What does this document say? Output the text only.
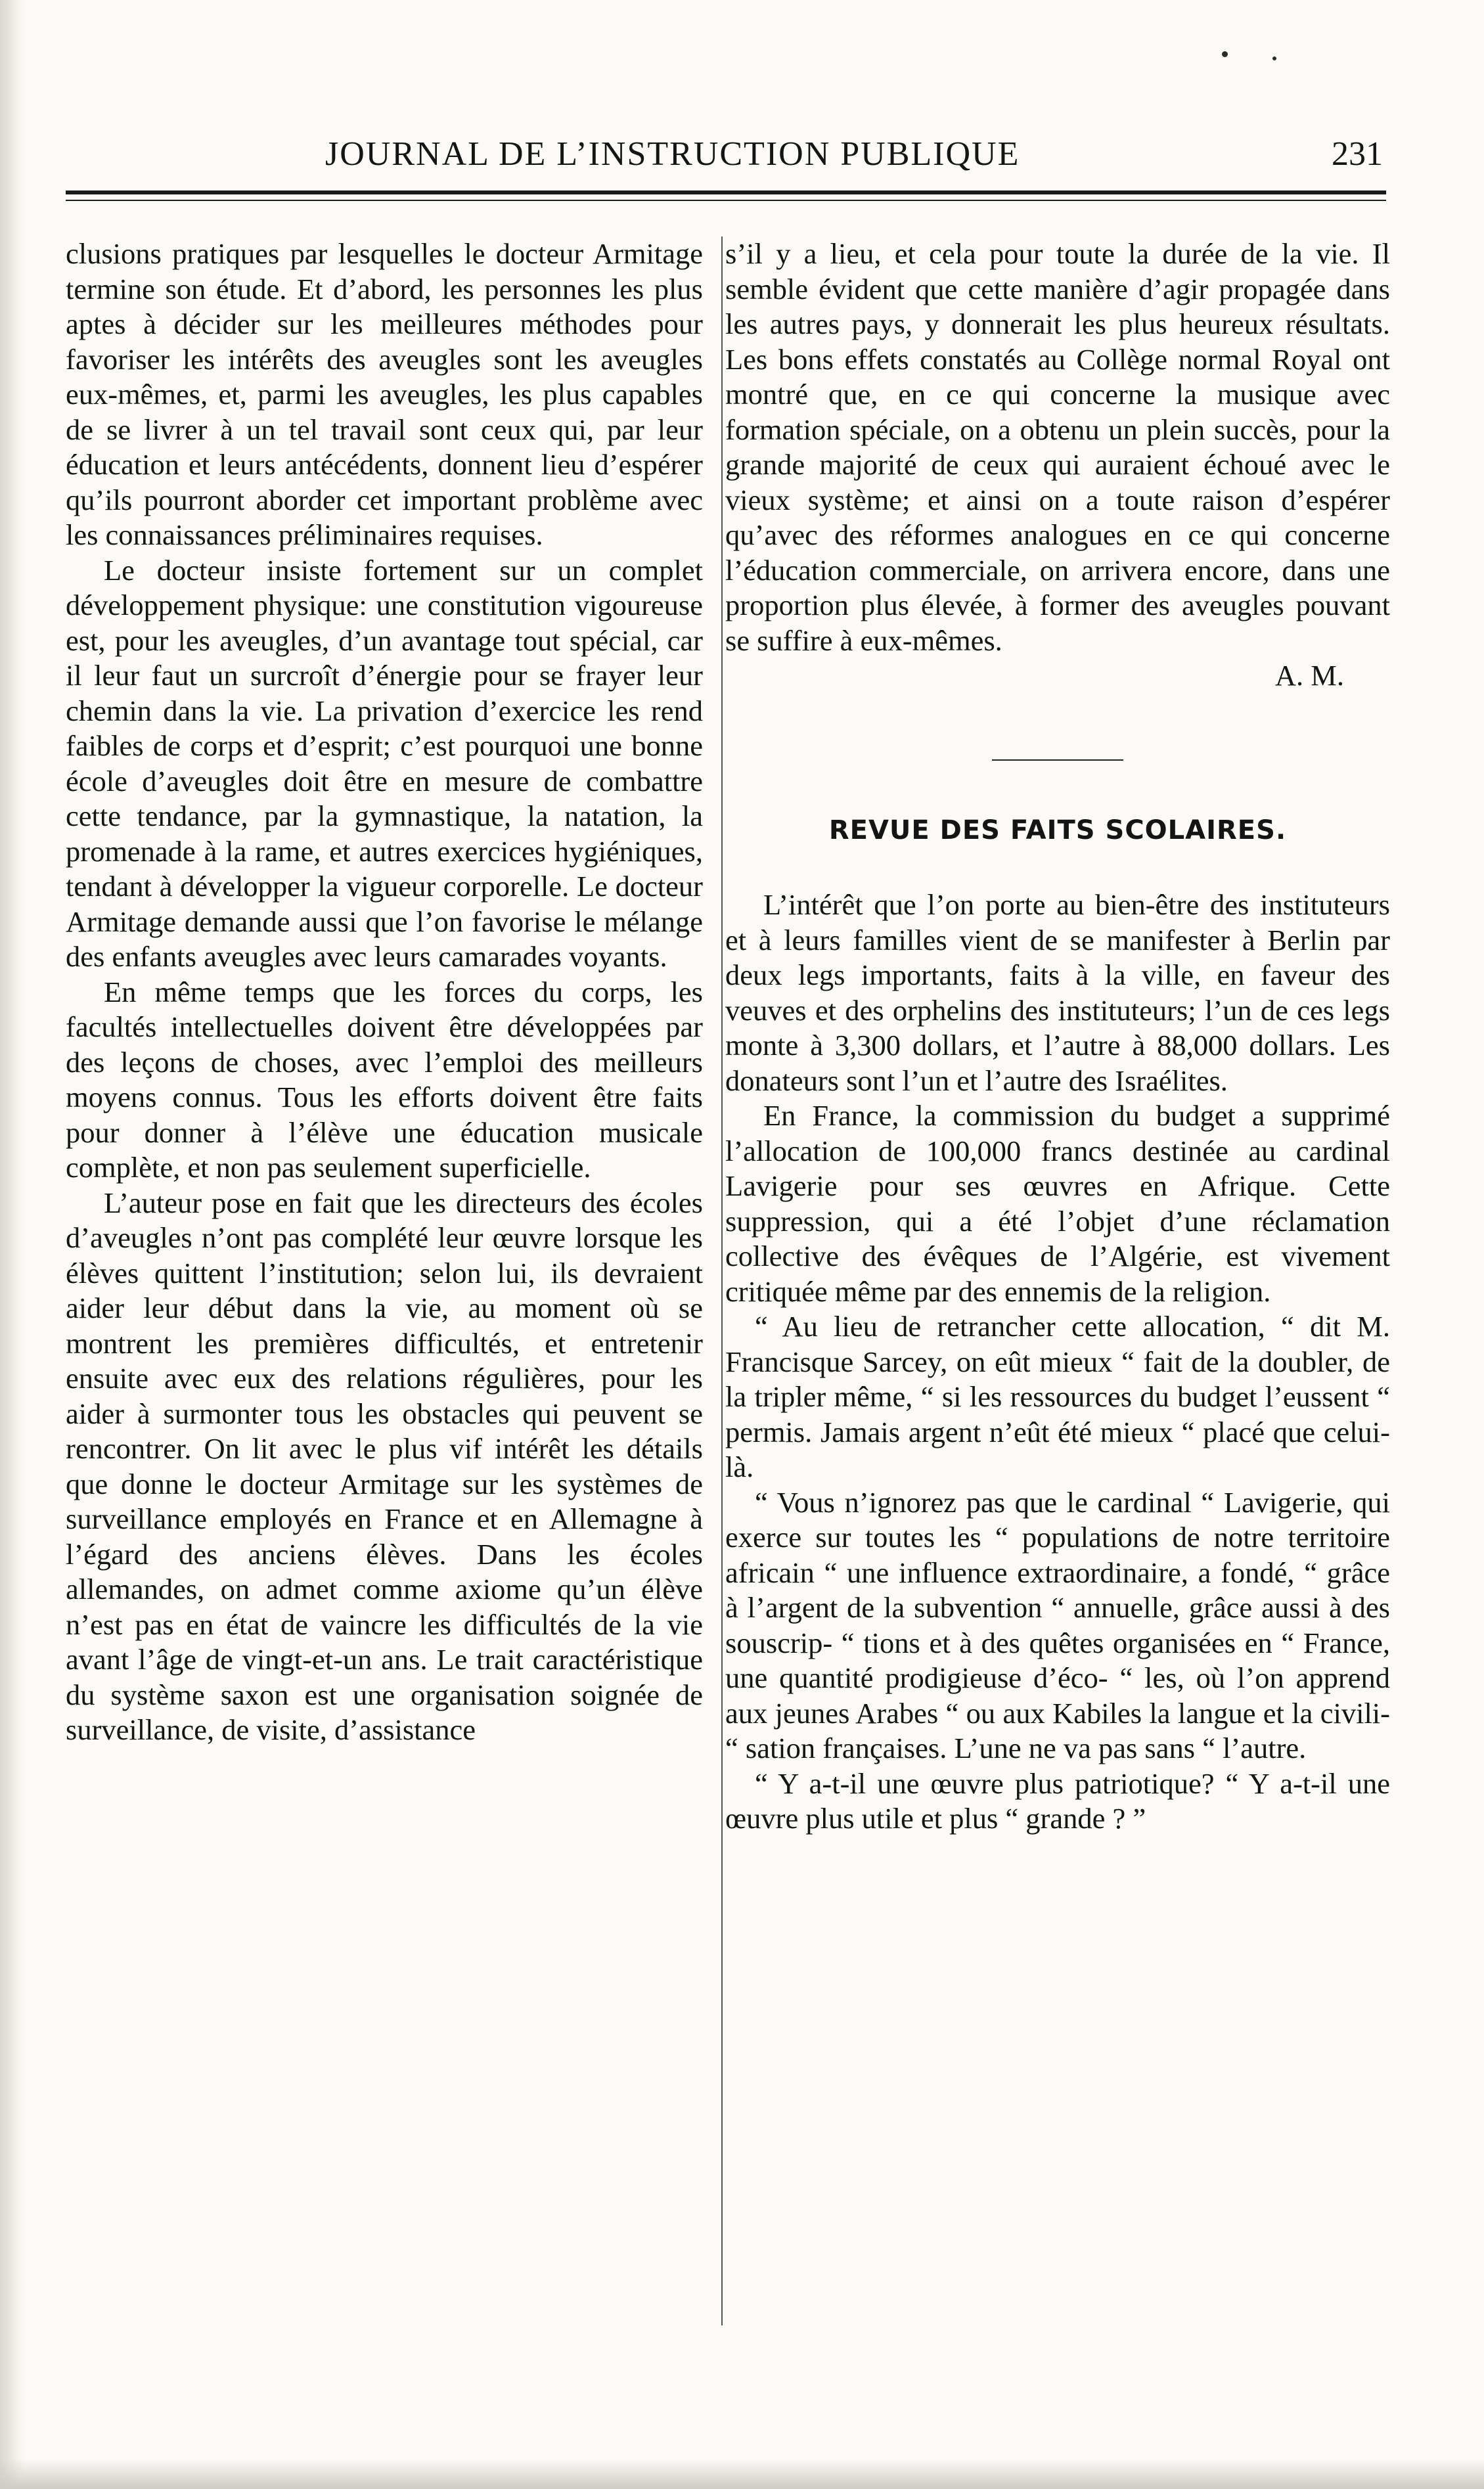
JOURNAL DE L’INSTRUCTION PUBLIQUE	231

clusions pratiques par lesquelles le docteur Armitage termine son étude. Et d’abord, les personnes les plus aptes à décider sur les meilleures méthodes pour favoriser les intérêts des aveugles sont les aveugles eux-mêmes, et, parmi les aveugles, les plus capables de se livrer à un tel travail sont ceux qui, par leur éducation et leurs antécédents, donnent lieu d’espérer qu’ils pourront aborder cet important problème avec les connaissances préliminaires requises.

Le docteur insiste fortement sur un complet développement physique: une constitution vigoureuse est, pour les aveugles, d’un avantage tout spécial, car il leur faut un surcroît d’énergie pour se frayer leur chemin dans la vie. La privation d’exercice les rend faibles de corps et d’esprit; c’est pourquoi une bonne école d’aveugles doit être en mesure de combattre cette tendance, par la gymnastique, la natation, la promenade à la rame, et autres exercices hygiéniques, tendant à développer la vigueur corporelle. Le docteur Armitage demande aussi que l’on favorise le mélange des enfants aveugles avec leurs camarades voyants.

En même temps que les forces du corps, les facultés intellectuelles doivent être développées par des leçons de choses, avec l’emploi des meilleurs moyens connus. Tous les efforts doivent être faits pour donner à l’élève une éducation musicale complète, et non pas seulement superficielle.

L’auteur pose en fait que les directeurs des écoles d’aveugles n’ont pas complété leur œuvre lorsque les élèves quittent l’institution; selon lui, ils devraient aider leur début dans la vie, au moment où se montrent les premières difficultés, et entretenir ensuite avec eux des relations régulières, pour les aider à surmonter tous les obstacles qui peuvent se rencontrer. On lit avec le plus vif intérêt les détails que donne le docteur Armitage sur les systèmes de surveillance employés en France et en Allemagne à l’égard des anciens élèves. Dans les écoles allemandes, on admet comme axiome qu’un élève n’est pas en état de vaincre les difficultés de la vie avant l’âge de vingt-et-un ans. Le trait caractéristique du système saxon est une organisation soignée de surveillance, de visite, d’assistance

s’il y a lieu, et cela pour toute la durée de la vie. Il semble évident que cette manière d’agir propagée dans les autres pays, y donnerait les plus heureux résultats. Les bons effets constatés au Collège normal Royal ont montré que, en ce qui concerne la musique avec formation spéciale, on a obtenu un plein succès, pour la grande majorité de ceux qui auraient échoué avec le vieux système; et ainsi on a toute raison d’espérer qu’avec des réformes analogues en ce qui concerne l’éducation commerciale, on arrivera encore, dans une proportion plus élevée, à former des aveugles pouvant se suffire à eux-mêmes.

A. M.

REVUE DES FAITS SCOLAIRES.

L’intérêt que l’on porte au bien-être des instituteurs et à leurs familles vient de se manifester à Berlin par deux legs importants, faits à la ville, en faveur des veuves et des orphelins des instituteurs; l’un de ces legs monte à 3,300 dollars, et l’autre à 88,000 dollars. Les donateurs sont l’un et l’autre des Israélites.

En France, la commission du budget a supprimé l’allocation de 100,000 francs destinée au cardinal Lavigerie pour ses œuvres en Afrique. Cette suppression, qui a été l’objet d’une réclamation collective des évêques de l’Algérie, est vivement critiquée même par des ennemis de la religion.

“ Au lieu de retrancher cette allocation, “ dit M. Francisque Sarcey, on eût mieux “ fait de la doubler, de la tripler même, “ si les ressources du budget l’eussent “ permis. Jamais argent n’eût été mieux “ placé que celui-là.

“ Vous n’ignorez pas que le cardinal “ Lavigerie, qui exerce sur toutes les “ populations de notre territoire africain “ une influence extraordinaire, a fondé, “ grâce à l’argent de la subvention “ annuelle, grâce aussi à des souscrip- “ tions et à des quêtes organisées en “ France, une quantité prodigieuse d’éco- “ les, où l’on apprend aux jeunes Arabes “ ou aux Kabiles la langue et la civili- “ sation françaises. L’une ne va pas sans “ l’autre.

“ Y a-t-il une œuvre plus patriotique? “ Y a-t-il une œuvre plus utile et plus “ grande ? ”
